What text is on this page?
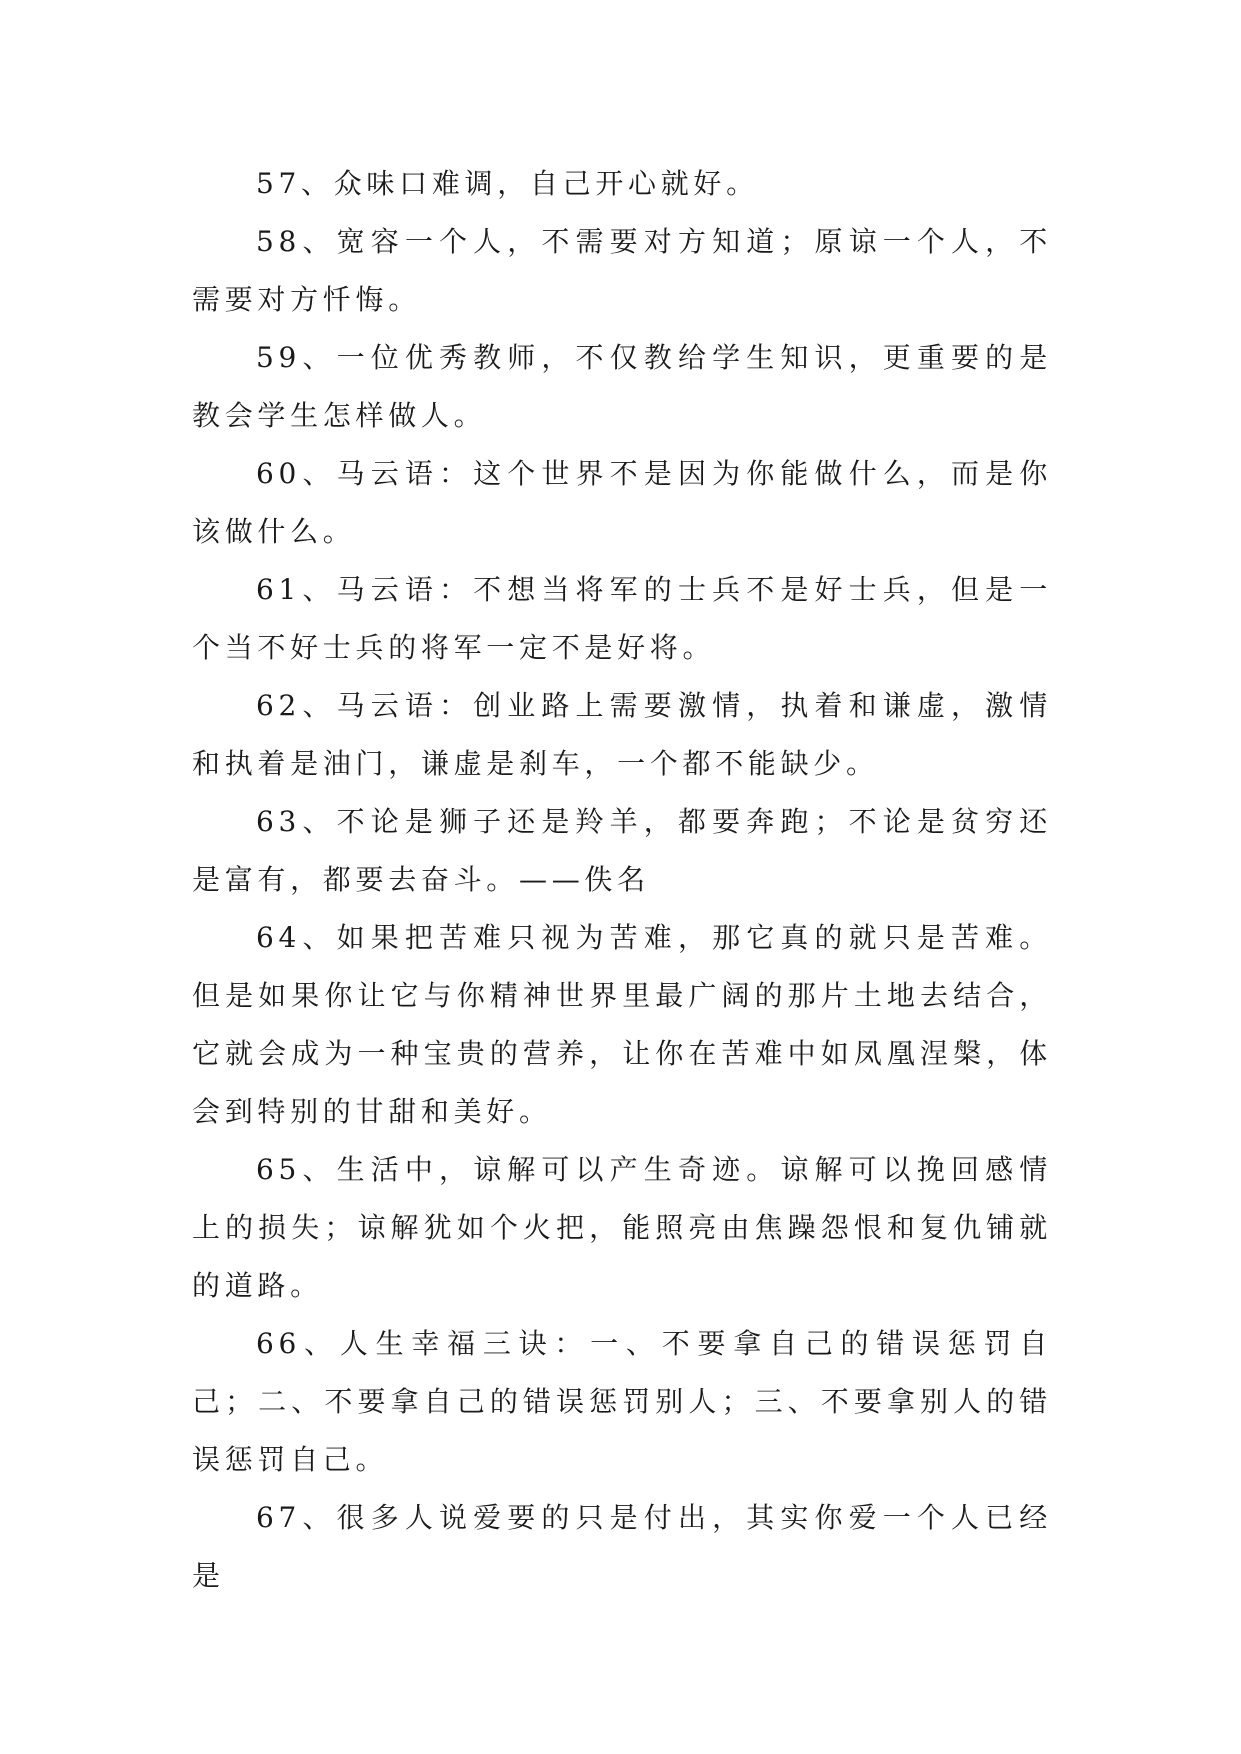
57、众味口难调，自己开心就好。

58、宽容一个人，不需要对方知道；原谅一个人，不需要对方忏悔。

59、一位优秀教师，不仅教给学生知识，更重要的是教会学生怎样做人。

60、马云语：这个世界不是因为你能做什么，而是你该做什么。

61、马云语：不想当将军的士兵不是好士兵，但是一个当不好士兵的将军一定不是好将。

62、马云语：创业路上需要激情，执着和谦虚，激情和执着是油门，谦虚是刹车，一个都不能缺少。

63、不论是狮子还是羚羊，都要奔跑；不论是贫穷还是富有，都要去奋斗。——佚名

64、如果把苦难只视为苦难，那它真的就只是苦难。但是如果你让它与你精神世界里最广阔的那片土地去结合，它就会成为一种宝贵的营养，让你在苦难中如凤凰涅槃，体会到特别的甘甜和美好。

65、生活中，谅解可以产生奇迹。谅解可以挽回感情上的损失；谅解犹如个火把，能照亮由焦躁怨恨和复仇铺就的道路。

66、人生幸福三诀：一、不要拿自己的错误惩罚自己；二、不要拿自己的错误惩罚别人；三、不要拿别人的错误惩罚自己。

67、很多人说爱要的只是付出，其实你爱一个人已经是
